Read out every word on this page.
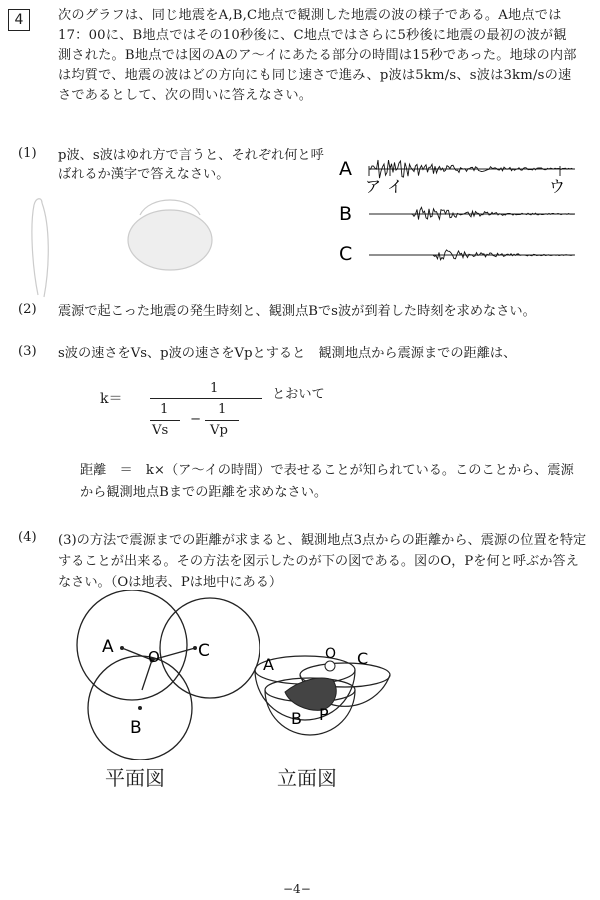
4	次のグラフは、同じ地震をA,B,C地点で観測した地震の波の様子である。A地点では17：00に、B地点ではその10秒後に、C地点ではさらに5秒後に地震の最初の波が観測された。B地点では図のAのア〜イにあたる部分の時間は15秒であった。地球の内部は均質で、地震の波はどの方向にも同じ速さで進み、p波は5km/s、s波は3km/sの速さであるとして、次の問いに答えなさい。
(1) p波、s波はゆれ方で言うと、それぞれ何と呼ばれるか漢字で答えなさい。	A
ア イ	ウ
B
C
(2) 震源で起こった地震の発生時刻と、観測点Bでs波が到着した時刻を求めなさい。
(3) s波の速さをVs、p波の速さをVpとすると　観測地点から震源までの距離は、
k＝
1
1
Vs
−
1
Vp
とおいて
距離　＝　k×（ア〜イの時間）で表せることが知られている。このことから、震源から観測地点Bまでの距離を求めなさい。
(4) (3)の方法で震源までの距離が求まると、観測地点3点からの距離から、震源の位置を特定することが出来る。その方法を図示したのが下の図である。図のO，Pを何と呼ぶか答えなさい。（Oは地表、Pは地中にある）
A
B
C
O	A
O C
B P
平面図	立面図
−4−
